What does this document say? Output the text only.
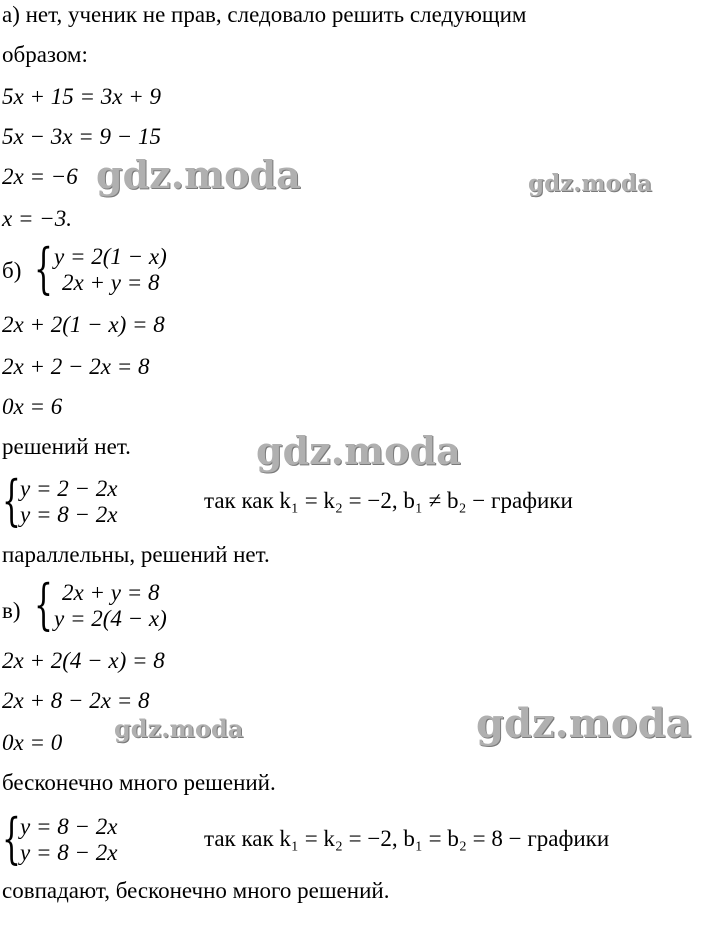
а) нет, ученик не прав, следовало решить следующим
образом:
5x + 15 = 3x + 9
5x − 3x = 9 − 15
2x = −6
x = −3.
б) { y = 2(1 − x)
2x + y = 8
2x + 2(1 − x) = 8
2x + 2 − 2x = 8
0x = 6
решений нет.
{ y = 2 − 2x
y = 8 − 2x
так как k₁ = k₂ = −2, b₁ ≠ b₂ − графики
параллельны, решений нет.
в) { 2x + y = 8
y = 2(4 − x)
2x + 2(4 − x) = 8
2x + 8 − 2x = 8
0x = 0
бесконечно много решений.
{ y = 8 − 2x
y = 8 − 2x
так как k₁ = k₂ = −2, b₁ = b₂ = 8 − графики
совпадают, бесконечно много решений.
gdz.moda	gdz.moda
gdz.moda
gdz.moda	gdz.moda
